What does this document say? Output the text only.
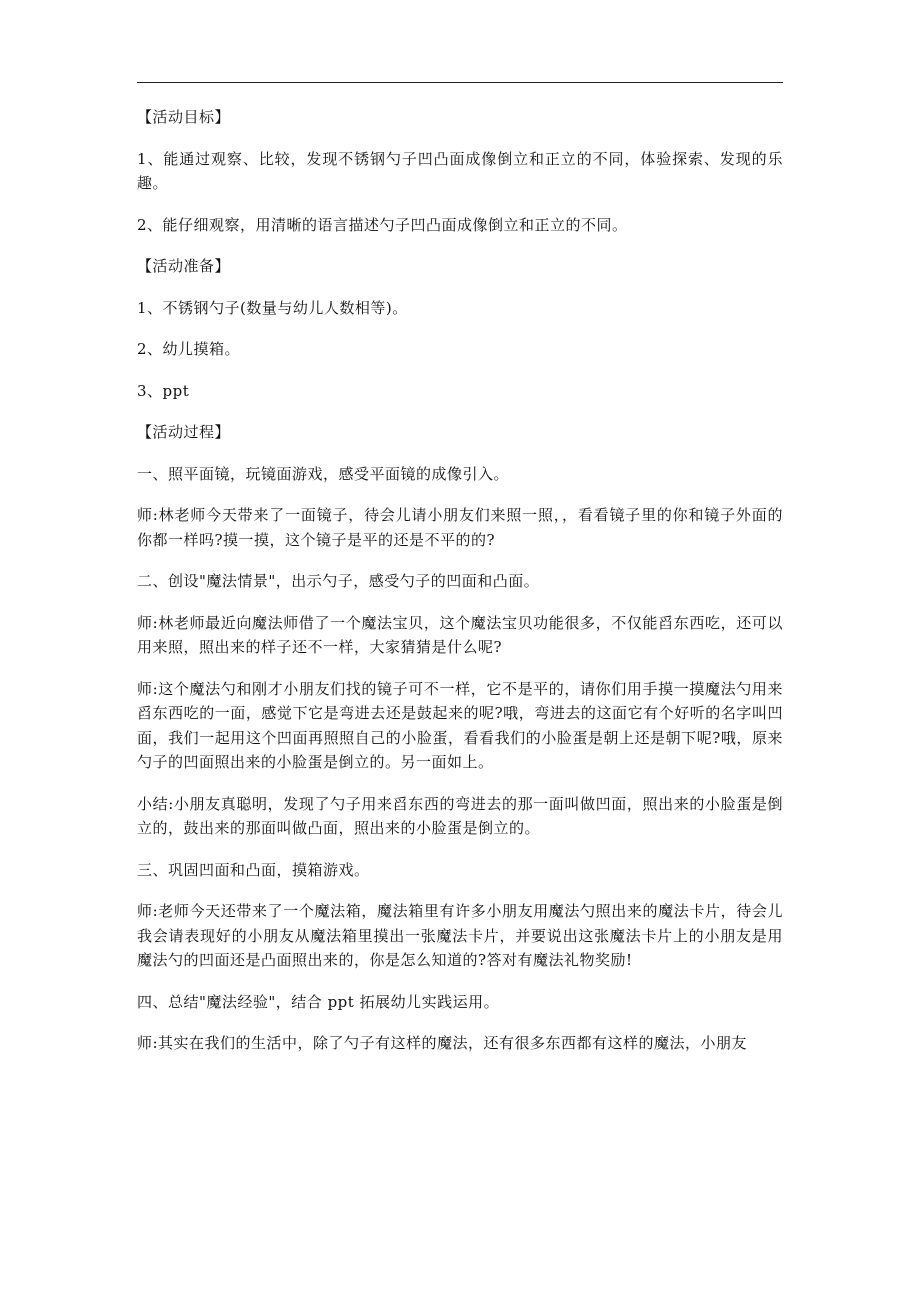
【活动目标】

1、能通过观察、比较，发现不锈钢勺子凹凸面成像倒立和正立的不同，体验探索、发现的乐趣。

2、能仔细观察，用清晰的语言描述勺子凹凸面成像倒立和正立的不同。

【活动准备】

1、不锈钢勺子(数量与幼儿人数相等)。

2、幼儿摸箱。

3、ppt

【活动过程】

一、照平面镜，玩镜面游戏，感受平面镜的成像引入。

师:林老师今天带来了一面镜子，待会儿请小朋友们来照一照，，看看镜子里的你和镜子外面的你都一样吗?摸一摸，这个镜子是平的还是不平的的?

二、创设"魔法情景"，出示勺子，感受勺子的凹面和凸面。

师:林老师最近向魔法师借了一个魔法宝贝，这个魔法宝贝功能很多，不仅能舀东西吃，还可以用来照，照出来的样子还不一样，大家猜猜是什么呢?

师:这个魔法勺和刚才小朋友们找的镜子可不一样，它不是平的，请你们用手摸一摸魔法勺用来舀东西吃的一面，感觉下它是弯进去还是鼓起来的呢?哦，弯进去的这面它有个好听的名字叫凹面，我们一起用这个凹面再照照自己的小脸蛋，看看我们的小脸蛋是朝上还是朝下呢?哦，原来勺子的凹面照出来的小脸蛋是倒立的。另一面如上。

小结:小朋友真聪明，发现了勺子用来舀东西的弯进去的那一面叫做凹面，照出来的小脸蛋是倒立的，鼓出来的那面叫做凸面，照出来的小脸蛋是倒立的。

三、巩固凹面和凸面，摸箱游戏。

师:老师今天还带来了一个魔法箱，魔法箱里有许多小朋友用魔法勺照出来的魔法卡片，待会儿我会请表现好的小朋友从魔法箱里摸出一张魔法卡片，并要说出这张魔法卡片上的小朋友是用魔法勺的凹面还是凸面照出来的，你是怎么知道的?答对有魔法礼物奖励!

四、总结"魔法经验"，结合 ppt 拓展幼儿实践运用。

师:其实在我们的生活中，除了勺子有这样的魔法，还有很多东西都有这样的魔法，小朋友
